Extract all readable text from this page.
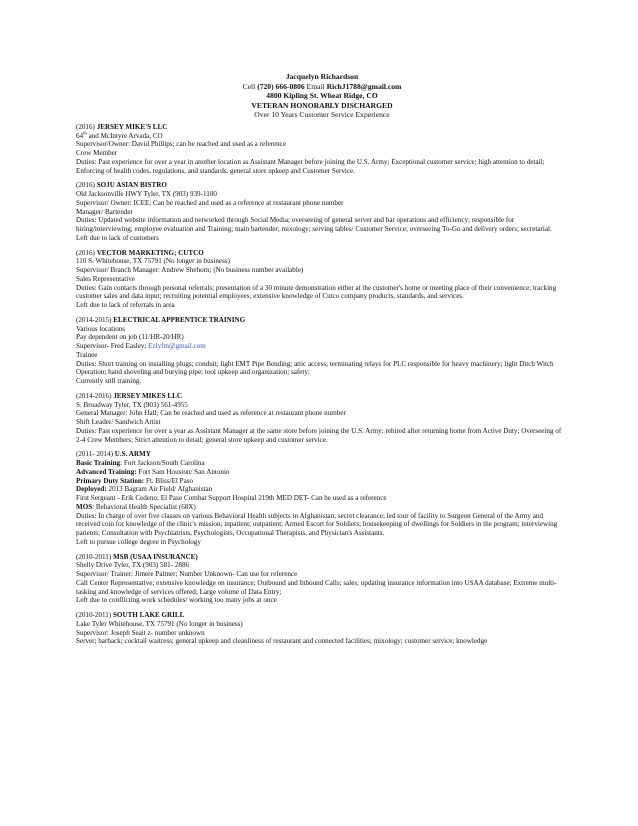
Jacquelyn Richardson
Cell (720) 666-0806 Email RichJ1788@gmail.com
4800 Kipling St. Wheat Ridge, CO
VETERAN HONORABLY DISCHARGED
Over 10 Years Customer Service Experience
(2016) JERSEY MIKE'S LLC
64th and McIntyre Arvada, CO
Supervisor/Owner: David Phillips; can be reached and used as a reference
Crew Member
Duties: Past experience for over a year in another location as Assistant Manager before joining the U.S. Army; Exceptional customer service; high attention to detail; Enforcing of health codes, regulations, and standards, general store upkeep and Customer Service.
(2016) SOJU ASIAN BISTRO
Old Jacksonville HWY Tyler, TX (903) 939-1100
Supervisor/ Owner: ICEE; Can be reached and used as a reference at restaurant phone number
Manager/ Bartender
Duties: Updated website information and networked through Social Media; overseeing of general server and bar operations and efficiency; responsible for hiring/interviewing; employee evaluation and Training; main bartender; mixology; serving tables/ Customer Service; overseeing To-Go and delivery orders; secretarial.
Left due to lack of customers
(2016) VECTOR MARKETING; CUTCO
110 S. Whitehouse, TX 75791 (No longer in business)
Supervisor/ Branch Manager: Andrew Shehorn; (No business number available)
Sales Representative
Duties: Gain contacts through personal referrals; presentation of a 30 minute demonstration either at the customer's home or meeting place of their convenience; tracking customer sales and data input; recruiting potential employees; extensive knowledge of Cutco company products, standards, and services.
Left due to lack of referrals in area
(2014-2015) ELECTRICAL APPRENTICE TRAINING
Various locations
Pay dependent on job (11/HR-20/HR)
Supervisor- Fred Easley; Ezlyfm@gmail.com
Trainee
Duties: Short training on installing plugs; conduit; light EMT Pipe Bending; attic access; terminating relays for PLC responsible for heavy machinery; light Ditch Witch Operation; hand shoveling and burying pipe; tool upkeep and organization; safety;
Currently still training.
(2014-2016) JERSEY MIKES LLC
S. Broadway Tyler, TX (903) 561-4955
General Manager: John Hall; Can be reached and used as reference at restaurant phone number
Shift Leader/ Sandwich Artist
Duties: Past experience for over a year as Assistant Manager at the same store before joining the U.S. Army; rehired after returning home from Active Duty; Overseeing of 2-4 Crew Members; Strict attention to detail; general store upkeep and customer service.
(2011- 2014) U.S. ARMY
Basic Training: Fort Jackson/South Carolina
Advanced Training: Fort Sam Houston/ San Antonio
Primary Duty Station: Ft. Bliss/El Paso
Deployed: 2013 Bagram Air Field/ Afghanistan
First Sergeant - Erik Cedeno; El Paso Combat Support Hospital 219th MED DET- Can be used as a reference
MOS: Behavioral Health Specialist (68X)
Duties: In charge of over five classes on various Behavioral Health subjects in Afghanistan; secret clearance; led tour of facility to Surgeon General of the Army and received coin for knowledge of the clinic's mission; inpatient; outpatient; Armed Escort for Soldiers; housekeeping of dwellings for Soldiers in the program; interviewing patients; Consultation with Psychiatrists, Psychologists, Occupational Therapists, and Physician's Assistants.
Left to pursue college degree in Psychology
(2010-2011) MSB (USAA INSURANCE)
Shelly Drive Tyler, TX (903) 581- 2886
Supervisor/ Trainer: Jimere Palmer; Number Unknown- Can use for reference
Call Center Representative; extensive knowledge on insurance; Outbound and Inbound Calls; sales; updating insurance information into USAA database; Extreme multi-tasking and knowledge of services offered; Large volume of Data Entry;
Left due to conflicting work schedules/ working too many jobs at once
(2010-2011) SOUTH LAKE GRILL
Lake Tyler Whitehouse, TX 75791 (No longer in business)
Supervisor: Joseph Seait z- number unknown
Server; barback; cocktail waitress; general upkeep and cleanliness of restaurant and connected facilities; mixology; customer service; knowledge
